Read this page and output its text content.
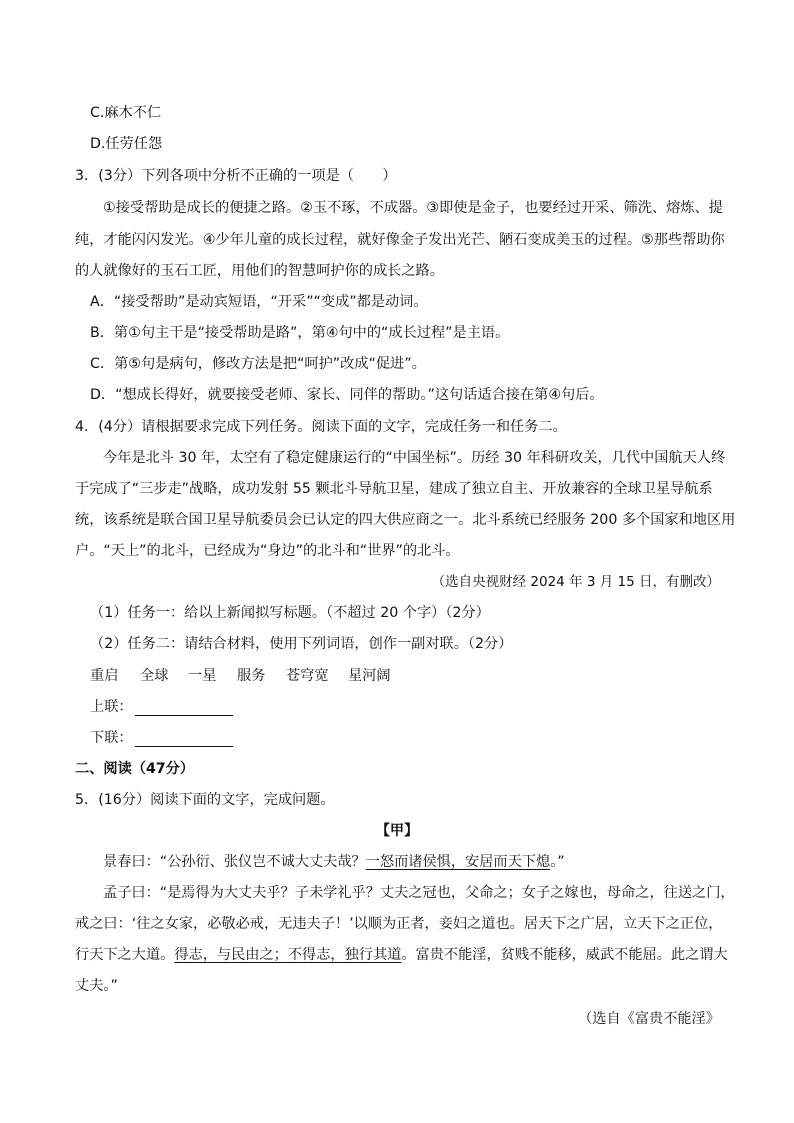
C.麻木不仁
D.任劳任怨
3．(3分）下列各项中分析不正确的一项是（　　）
①接受帮助是成长的便捷之路。②玉不琢，不成器。③即使是金子，也要经过开采、筛洗、熔炼、提
纯，才能闪闪发光。④少年儿童的成长过程，就好像金子发出光芒、陋石变成美玉的过程。⑤那些帮助你
的人就像好的玉石工匠，用他们的智慧呵护你的成长之路。
A．“接受帮助”是动宾短语，“开采”“变成”都是动词。
B．第①句主干是“接受帮助是路”，第④句中的“成长过程”是主语。
C．第⑤句是病句，修改方法是把“呵护”改成“促进”。
D．“想成长得好，就要接受老师、家长、同伴的帮助。”这句话适合接在第④句后。
4．(4分）请根据要求完成下列任务。阅读下面的文字，完成任务一和任务二。
今年是北斗 30 年，太空有了稳定健康运行的“中国坐标”。历经 30 年科研攻关，几代中国航天人终
于完成了“三步走”战略，成功发射 55 颗北斗导航卫星，建成了独立自主、开放兼容的全球卫星导航系
统，该系统是联合国卫星导航委员会已认定的四大供应商之一。北斗系统已经服务 200 多个国家和地区用
户。“天上”的北斗，已经成为“身边”的北斗和“世界”的北斗。
（选自央视财经 2024 年 3 月 15 日，有删改）
（1）任务一：给以上新闻拟写标题。（不超过 20 个字）（2分）
（2）任务二：请结合材料，使用下列词语，创作一副对联。（2分）
重启 全球 一星 服务 苍穹宽 星河阔
上联：
下联：
二、阅读（47分）
5．(16分）阅读下面的文字，完成问题。
【甲】
景春曰：“公孙衍、张仪岂不诚大丈夫哉？一怒而诸侯惧，安居而天下熄。”
孟子曰：“是焉得为大丈夫乎？子未学礼乎？丈夫之冠也，父命之；女子之嫁也，母命之，往送之门，
戒之曰：‘往之女家，必敬必戒，无违夫子！’以顺为正者，妾妇之道也。居天下之广居，立天下之正位，
行天下之大道。得志，与民由之；不得志，独行其道。富贵不能淫，贫贱不能移，威武不能屈。此之谓大
丈夫。”
（选自《富贵不能淫》
